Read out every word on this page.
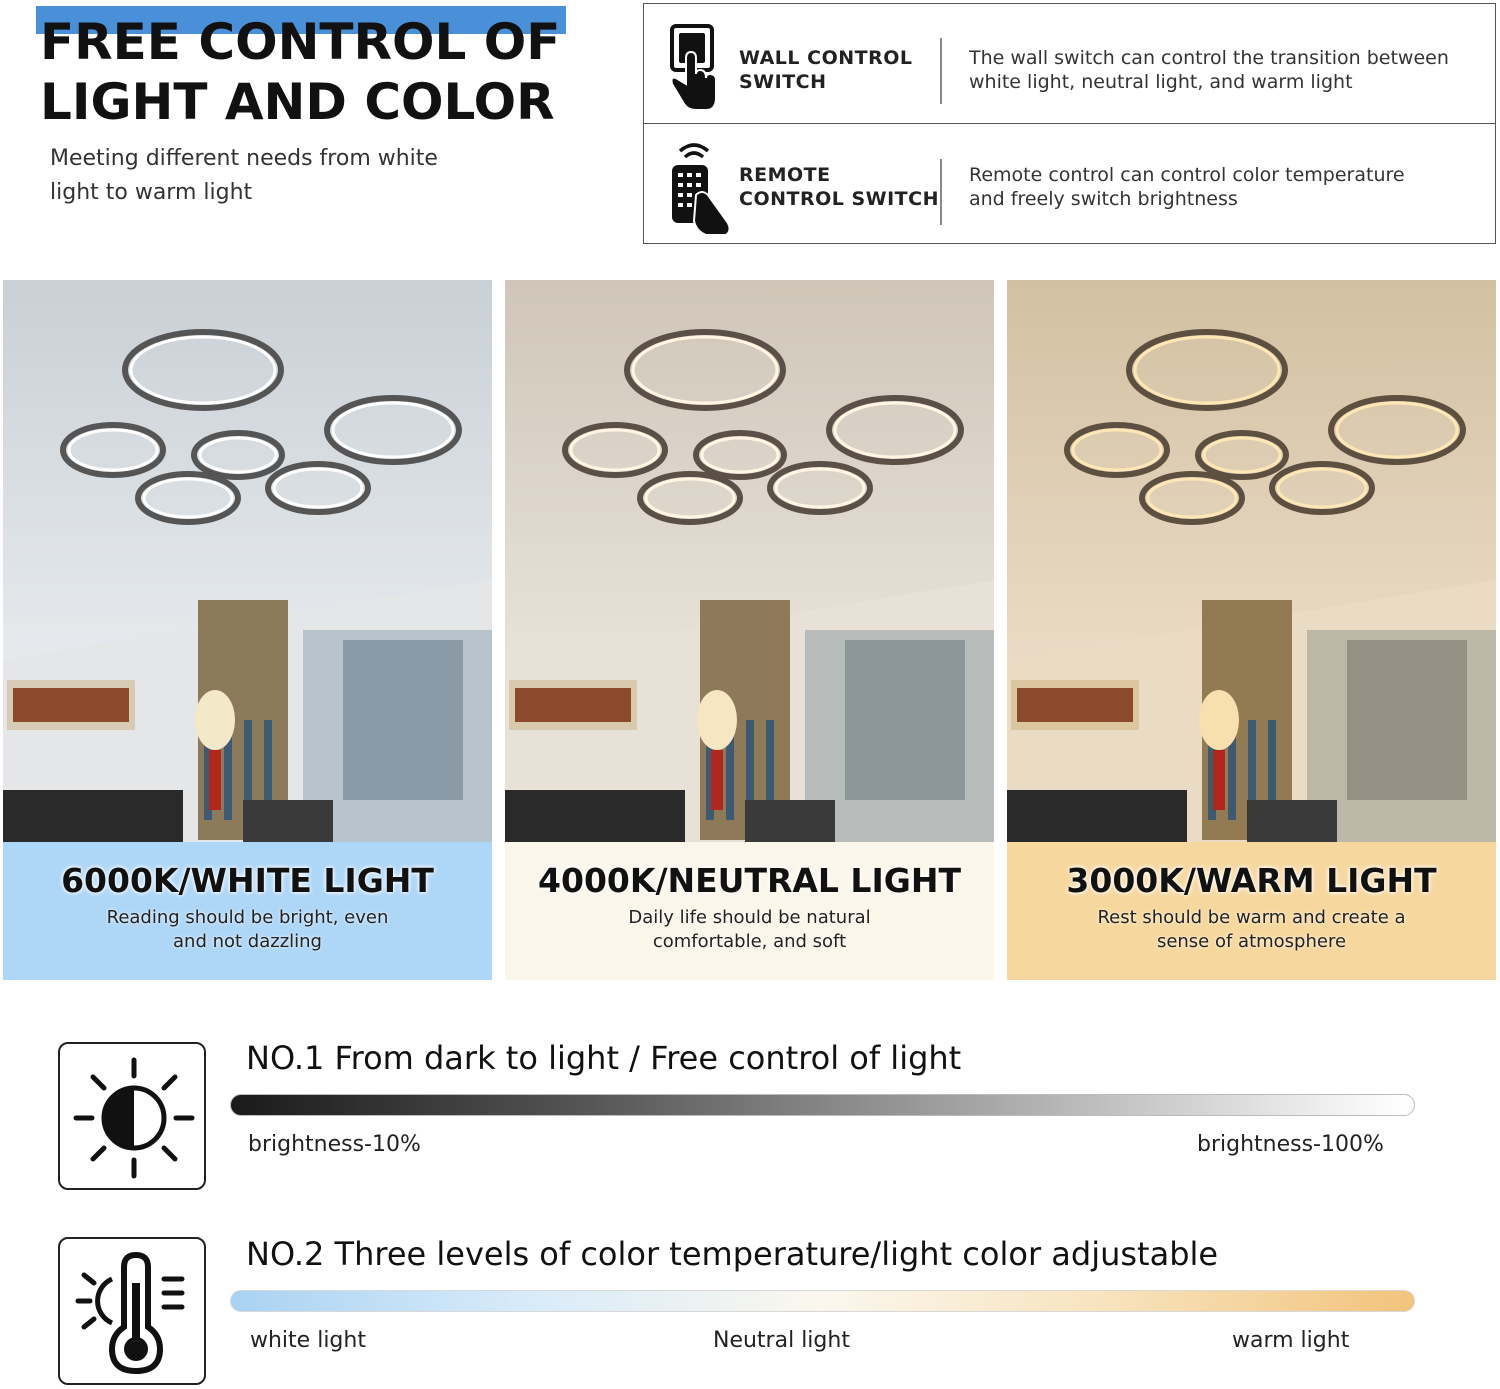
FREE CONTROL OF
LIGHT AND COLOR

Meeting different needs from white light to warm light

WALL CONTROL
SWITCH
The wall switch can control the transition between
white light, neutral light, and warm light
REMOTE
CONTROL SWITCH
Remote control can control color temperature
and freely switch brightness
6000K/WHITE LIGHT
Reading should be bright, even
and not dazzling
4000K/NEUTRAL LIGHT
Daily life should be natural
comfortable, and soft
3000K/WARM LIGHT
Rest should be warm and create a
sense of atmosphere
NO.1 From dark to light / Free control of light
brightness-10%	brightness-100%
NO.2 Three levels of color temperature/light color adjustable
white light	Neutral light	warm light
